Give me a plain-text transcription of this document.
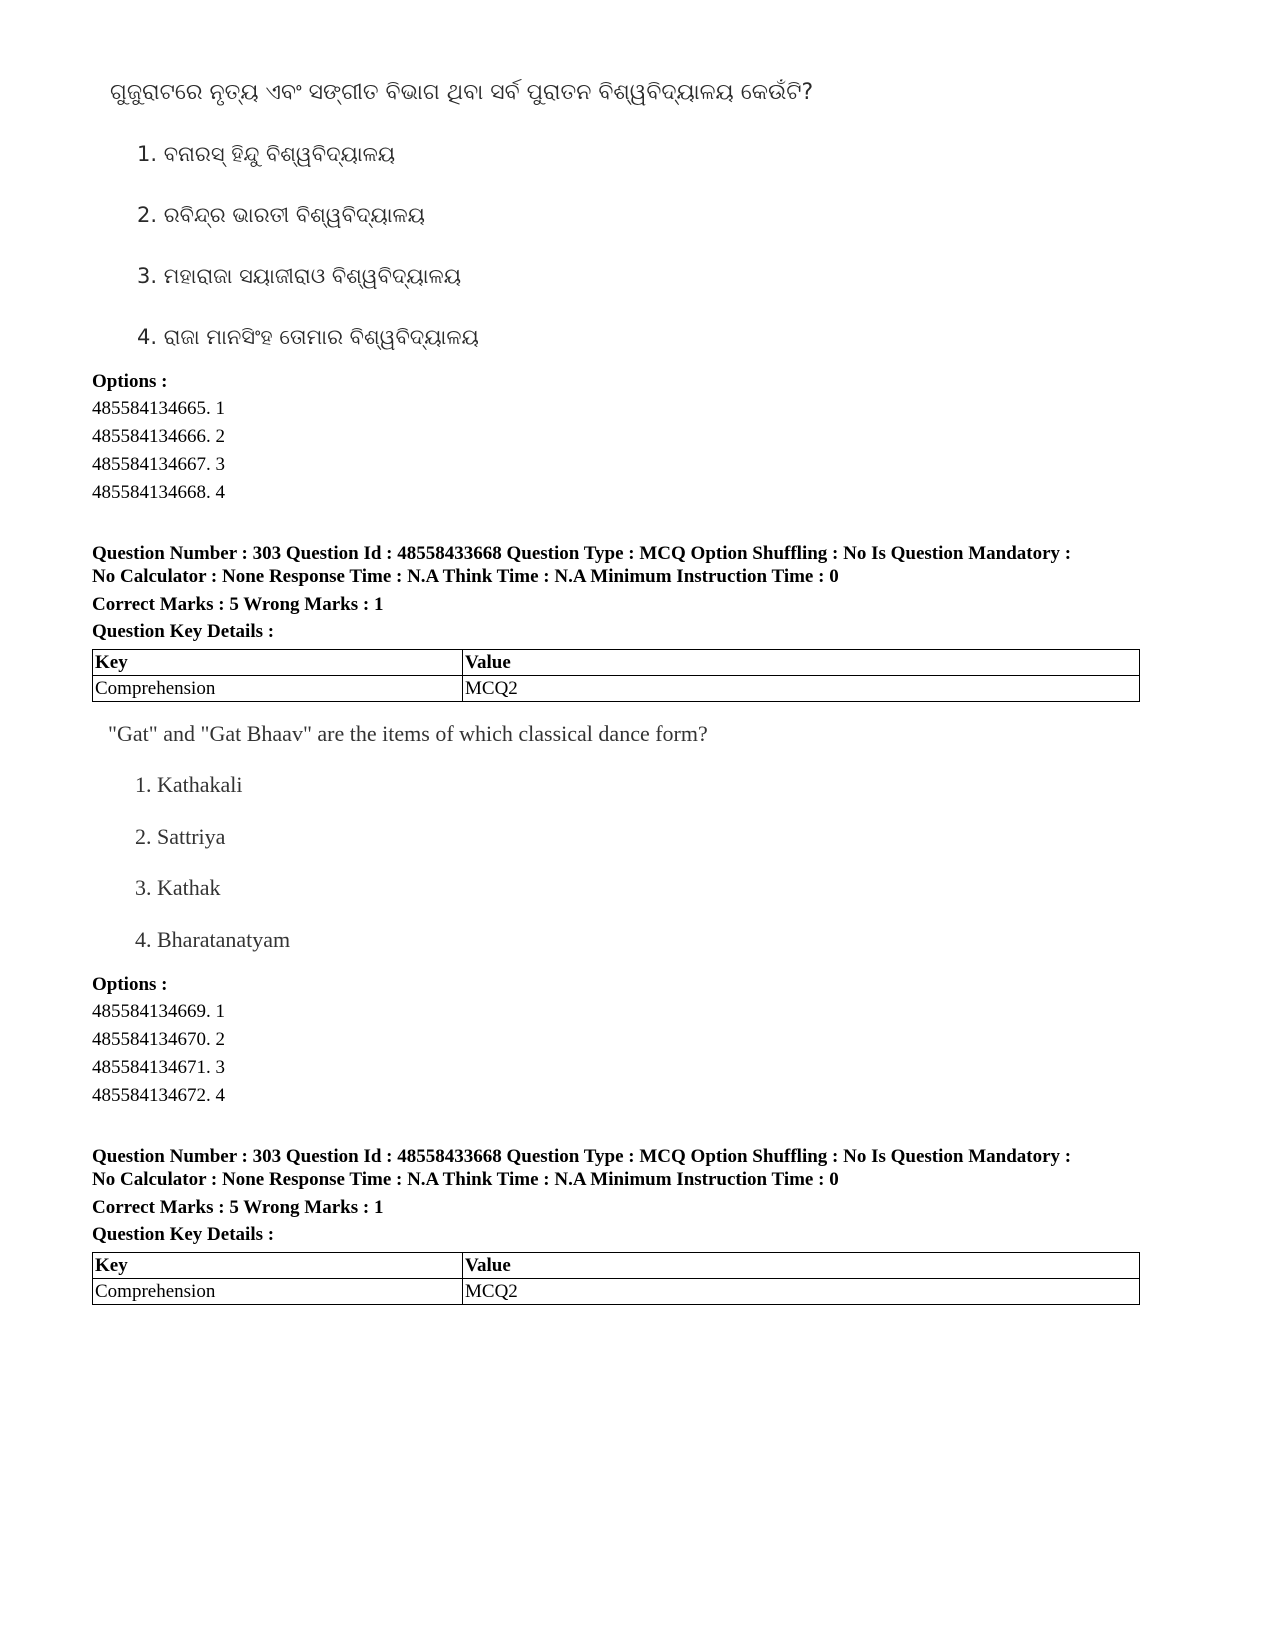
ଗୁଜୁରାଟରେ ନୃତ୍ୟ ଏବଂ ସଙ୍ଗୀତ ବିଭାଗ ଥିବା ସର୍ବ ପୁରାତନ ବିଶ୍ୱବିଦ୍ୟାଳୟ କେଉଁଟି?
1. ବନାରସ୍ ହିନ୍ଦୁ ବିଶ୍ୱବିଦ୍ୟାଳୟ
2. ରବିନ୍ଦ୍ର ଭାରତୀ ବିଶ୍ୱବିଦ୍ୟାଳୟ
3. ମହାରାଜା ସୟାଜୀରାଓ ବିଶ୍ୱବିଦ୍ୟାଳୟ
4. ରାଜା ମାନସିଂହ ତୋମାର ବିଶ୍ୱବିଦ୍ୟାଳୟ
Options :
485584134665. 1
485584134666. 2
485584134667. 3
485584134668. 4
Question Number : 303 Question Id : 48558433668 Question Type : MCQ Option Shuffling : No Is Question Mandatory :
No Calculator : None Response Time : N.A Think Time : N.A Minimum Instruction Time : 0
Correct Marks : 5 Wrong Marks : 1
Question Key Details :
Key	Value
Comprehension	MCQ2
"Gat" and "Gat Bhaav" are the items of which classical dance form?
1. Kathakali
2. Sattriya
3. Kathak
4. Bharatanatyam
Options :
485584134669. 1
485584134670. 2
485584134671. 3
485584134672. 4
Question Number : 303 Question Id : 48558433668 Question Type : MCQ Option Shuffling : No Is Question Mandatory :
No Calculator : None Response Time : N.A Think Time : N.A Minimum Instruction Time : 0
Correct Marks : 5 Wrong Marks : 1
Question Key Details :
Key	Value
Comprehension	MCQ2
